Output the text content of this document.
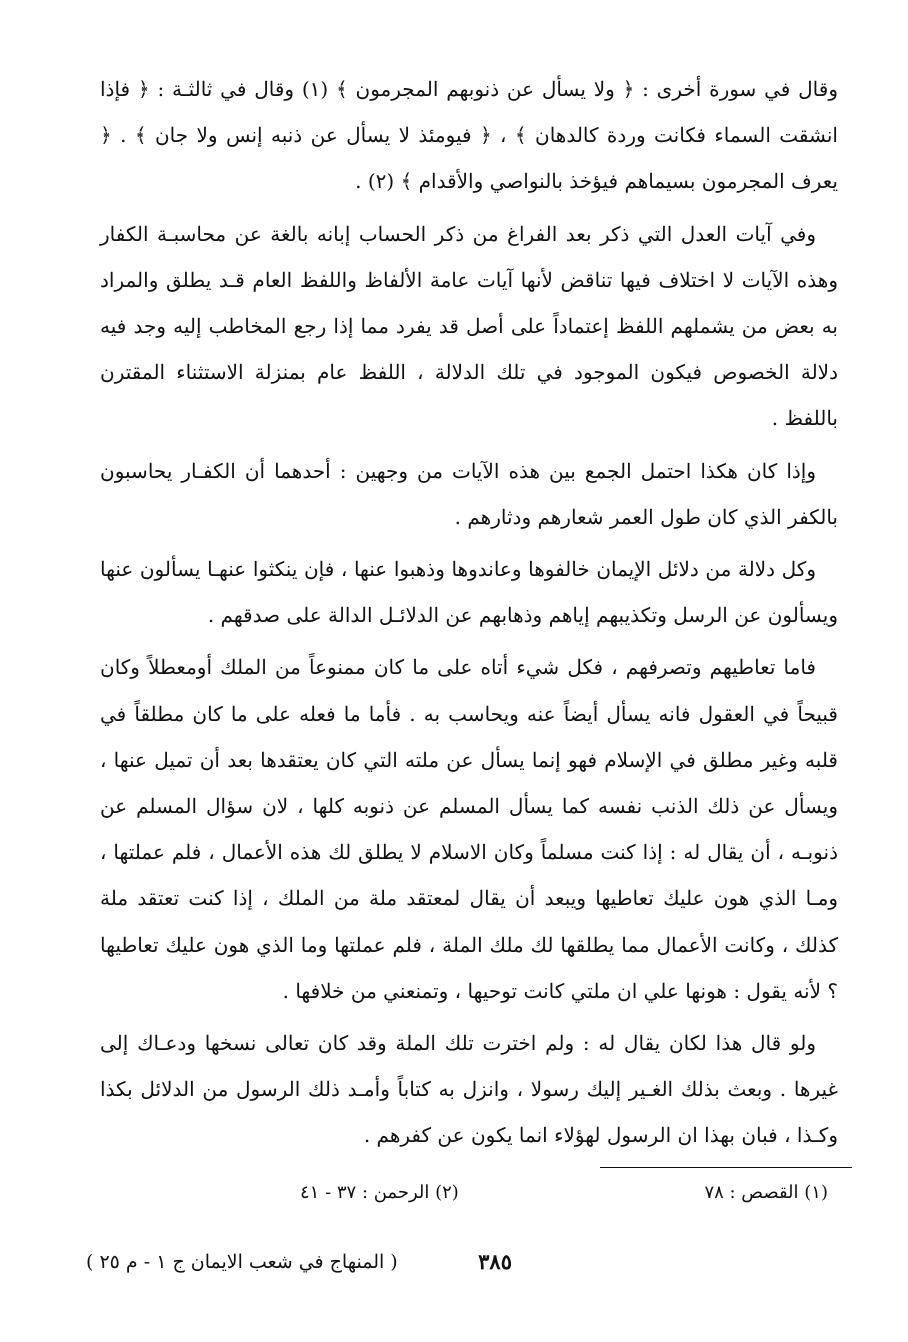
وقال في سورة أخرى : ﴿ ولا يسأل عن ذنوبهم المجرمون ﴾ (١) وقال في ثالثـة : ﴿ فإذا انشقت السماء فكانت وردة كالدهان ﴾ ، ﴿ فيومئذ لا يسأل عن ذنبه إنس ولا جان ﴾ . ﴿ يعرف المجرمون بسيماهم فيؤخذ بالنواصي والأقدام ﴾ (٢) .

وفي آيات العدل التي ذكر بعد الفراغ من ذكر الحساب إبانه بالغة عن محاسبـة الكفار وهذه الآيات لا اختلاف فيها تناقض لأنها آيات عامة الألفاظ واللفظ العام قـد يطلق والمراد به بعض من يشملهم اللفظ إعتماداً على أصل قد يفرد مما إذا رجع المخاطب إليه وجد فيه دلالة الخصوص فيكون الموجود في تلك الدلالة ، اللفظ عام بمنزلة الاستثناء المقترن باللفظ .

وإذا كان هكذا احتمل الجمع بين هذه الآيات من وجهين : أحدهما أن الكفـار يحاسبون بالكفر الذي كان طول العمر شعارهم ودثارهم .

وكل دلالة من دلائل الإيمان خالفوها وعاندوها وذهبوا عنها ، فإن ينكثوا عنهـا يسألون عنها ويسألون عن الرسل وتكذيبهم إياهم وذهابهم عن الدلائـل الدالة على صدقهم .

فاما تعاطيهم وتصرفهم ، فكل شيء أتاه على ما كان ممنوعاً من الملك أومعطلاً وكان قبيحاً في العقول فانه يسأل أيضاً عنه ويحاسب به . فأما ما فعله على ما كان مطلقاً في قلبه وغير مطلق في الإسلام فهو إنما يسأل عن ملته التي كان يعتقدها بعد أن تميل عنها ، ويسأل عن ذلك الذنب نفسه كما يسأل المسلم عن ذنوبه كلها ، لان سؤال المسلم عن ذنوبـه ، أن يقال له : إذا كنت مسلماً وكان الاسلام لا يطلق لك هذه الأعمال ، فلم عملتها ، ومـا الذي هون عليك تعاطيها ويبعد أن يقال لمعتقد ملة من الملك ، إذا كنت تعتقد ملة كذلك ، وكانت الأعمال مما يطلقها لك ملك الملة ، فلم عملتها وما الذي هون عليك تعاطيها ؟ لأنه يقول : هونها علي ان ملتي كانت توحيها ، وتمنعني من خلافها .

ولو قال هذا لكان يقال له : ولم اخترت تلك الملة وقد كان تعالى نسخها ودعـاك إلى غيرها . وبعث بذلك الغـير إليك رسولا ، وانزل به كتاباً وأمـد ذلك الرسول من الدلائل بكذا وكـذا ، فبان بهذا ان الرسول لهؤلاء انما يكون عن كفرهم .

(١) القصص : ٧٨
(٢) الرحمن : ٣٧ - ٤١
٣٨٥
( المنهاج في شعب الايمان ج ١ - م ٢٥ )
